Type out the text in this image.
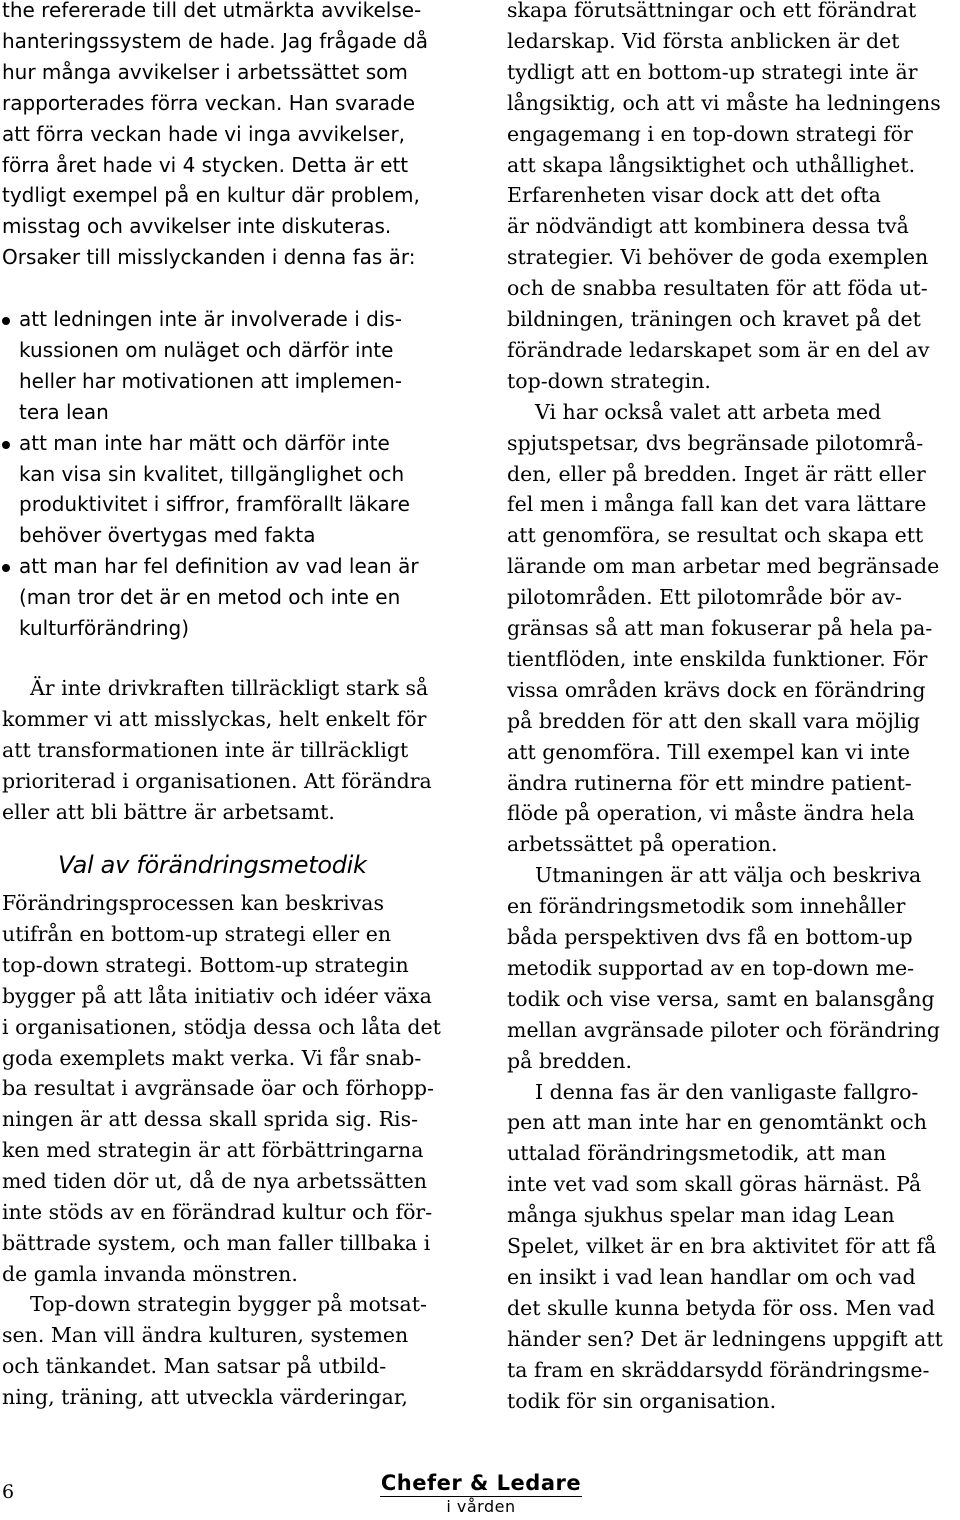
the refererade till det utmärkta avvikelse-
hanteringssystem de hade. Jag frågade då
hur många avvikelser i arbetssättet som
rapporterades förra veckan. Han svarade
att förra veckan hade vi inga avvikelser,
förra året hade vi 4 stycken. Detta är ett
tydligt exempel på en kultur där problem,
misstag och avvikelser inte diskuteras.
Orsaker till misslyckanden i denna fas är:
att ledningen inte är involverade i dis-
kussionen om nuläget och därför inte
heller har motivationen att implemen-
tera lean
att man inte har mätt och därför inte
kan visa sin kvalitet, tillgänglighet och
produktivitet i siffror, framförallt läkare
behöver övertygas med fakta
att man har fel definition av vad lean är
(man tror det är en metod och inte en
kulturförändring)
Är inte drivkraften tillräckligt stark så
kommer vi att misslyckas, helt enkelt för
att transformationen inte är tillräckligt
prioriterad i organisationen. Att förändra
eller att bli bättre är arbetsamt.
Förändringsprocessen kan beskrivas
utifrån en bottom-up strategi eller en
top-down strategi. Bottom-up strategin
bygger på att låta initiativ och idéer växa
i organisationen, stödja dessa och låta det
goda exemplets makt verka. Vi får snab-
ba resultat i avgränsade öar och förhopp-
ningen är att dessa skall sprida sig. Ris-
ken med strategin är att förbättringarna
med tiden dör ut, då de nya arbetssätten
inte stöds av en förändrad kultur och för-
bättrade system, och man faller tillbaka i
de gamla invanda mönstren.
Top-down strategin bygger på motsat-
sen. Man vill ändra kulturen, systemen
och tänkandet. Man satsar på utbild-
ning, träning, att utveckla värderingar,
skapa förutsättningar och ett förändrat
ledarskap. Vid första anblicken är det
tydligt att en bottom-up strategi inte är
långsiktig, och att vi måste ha ledningens
engagemang i en top-down strategi för
att skapa långsiktighet och uthållighet.
Erfarenheten visar dock att det ofta
är nödvändigt att kombinera dessa två
strategier. Vi behöver de goda exemplen
och de snabba resultaten för att föda ut-
bildningen, träningen och kravet på det
förändrade ledarskapet som är en del av
top-down strategin.
Vi har också valet att arbeta med
spjutspetsar, dvs begränsade pilotområ-
den, eller på bredden. Inget är rätt eller
fel men i många fall kan det vara lättare
att genomföra, se resultat och skapa ett
lärande om man arbetar med begränsade
pilotområden. Ett pilotområde bör av-
gränsas så att man fokuserar på hela pa-
tientflöden, inte enskilda funktioner. För
vissa områden krävs dock en förändring
på bredden för att den skall vara möjlig
att genomföra. Till exempel kan vi inte
ändra rutinerna för ett mindre patient-
flöde på operation, vi måste ändra hela
arbetssättet på operation.
Utmaningen är att välja och beskriva
en förändringsmetodik som innehåller
båda perspektiven dvs få en bottom-up
metodik supportad av en top-down me-
todik och vise versa, samt en balansgång
mellan avgränsade piloter och förändring
på bredden.
I denna fas är den vanligaste fallgro-
pen att man inte har en genomtänkt och
uttalad förändringsmetodik, att man
inte vet vad som skall göras härnäst. På
många sjukhus spelar man idag Lean
Spelet, vilket är en bra aktivitet för att få
en insikt i vad lean handlar om och vad
det skulle kunna betyda för oss. Men vad
händer sen? Det är ledningens uppgift att
ta fram en skräddarsydd förändringsme-
todik för sin organisation.
Val av förändringsmetodik
6	Chefer & Ledare
i vården
